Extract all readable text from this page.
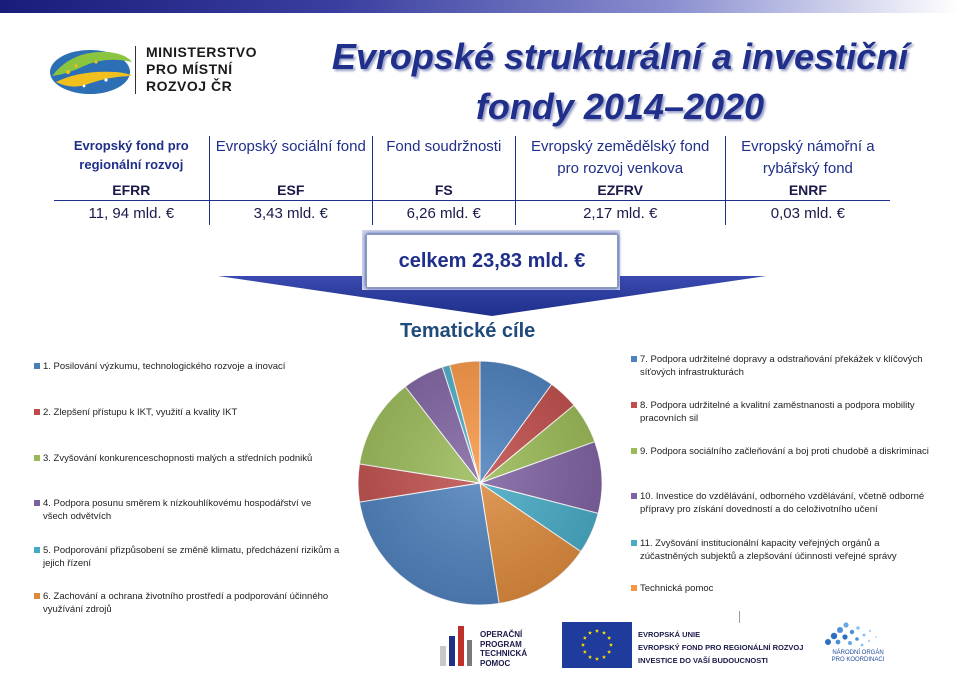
MINISTERSTVO
PRO MÍSTNÍ
ROZVOJ ČR
Evropské strukturální a investiční
fondy 2014–2020
Evropský fond pro regionální rozvoj	Evropský sociální fond	Fond soudržnosti	Evropský zemědělský fond pro rozvoj venkova	Evropský námořní a rybářský fond
EFRR	ESF	FS	EZFRV	ENRF
11, 94 mld. €	3,43 mld. €	6,26 mld. €	2,17 mld. €	0,03 mld. €
celkem 23,83 mld. €
Tematické cíle
1. Posilování výzkumu, technologického rozvoje a inovací
2. Zlepšení přístupu k IKT, využití a kvality IKT
3. Zvyšování konkurenceschopnosti malých a středních podniků
4. Podpora posunu směrem k nízkouhlíkovému hospodářství ve všech odvětvích
5. Podporování přizpůsobení se změně klimatu, předcházení rizikům a jejich řízení
6. Zachování a ochrana životního prostředí a podporování účinného využívání zdrojů
7. Podpora udržitelné dopravy a odstraňování překážek v klíčových síťových infrastrukturách
8. Podpora udržitelné a kvalitní zaměstnanosti a podpora mobility pracovních sil
9. Podpora sociálního začleňování a boj proti chudobě a diskriminaci
10. Investice do vzdělávání, odborného vzdělávání, včetně odborné přípravy pro získání dovedností a do celoživotního učení
11. Zvyšování institucionální kapacity veřejných orgánů a zúčastněných subjektů a zlepšování účinnosti veřejné správy
Technická pomoc
OPERAČNÍ
PROGRAM
TECHNICKÁ
POMOC
EVROPSKÁ UNIE
EVROPSKÝ FOND PRO REGIONÁLNÍ ROZVOJ
INVESTICE DO VAŠÍ BUDOUCNOSTI
NÁRODNÍ ORGÁN
PRO KOORDINACI
